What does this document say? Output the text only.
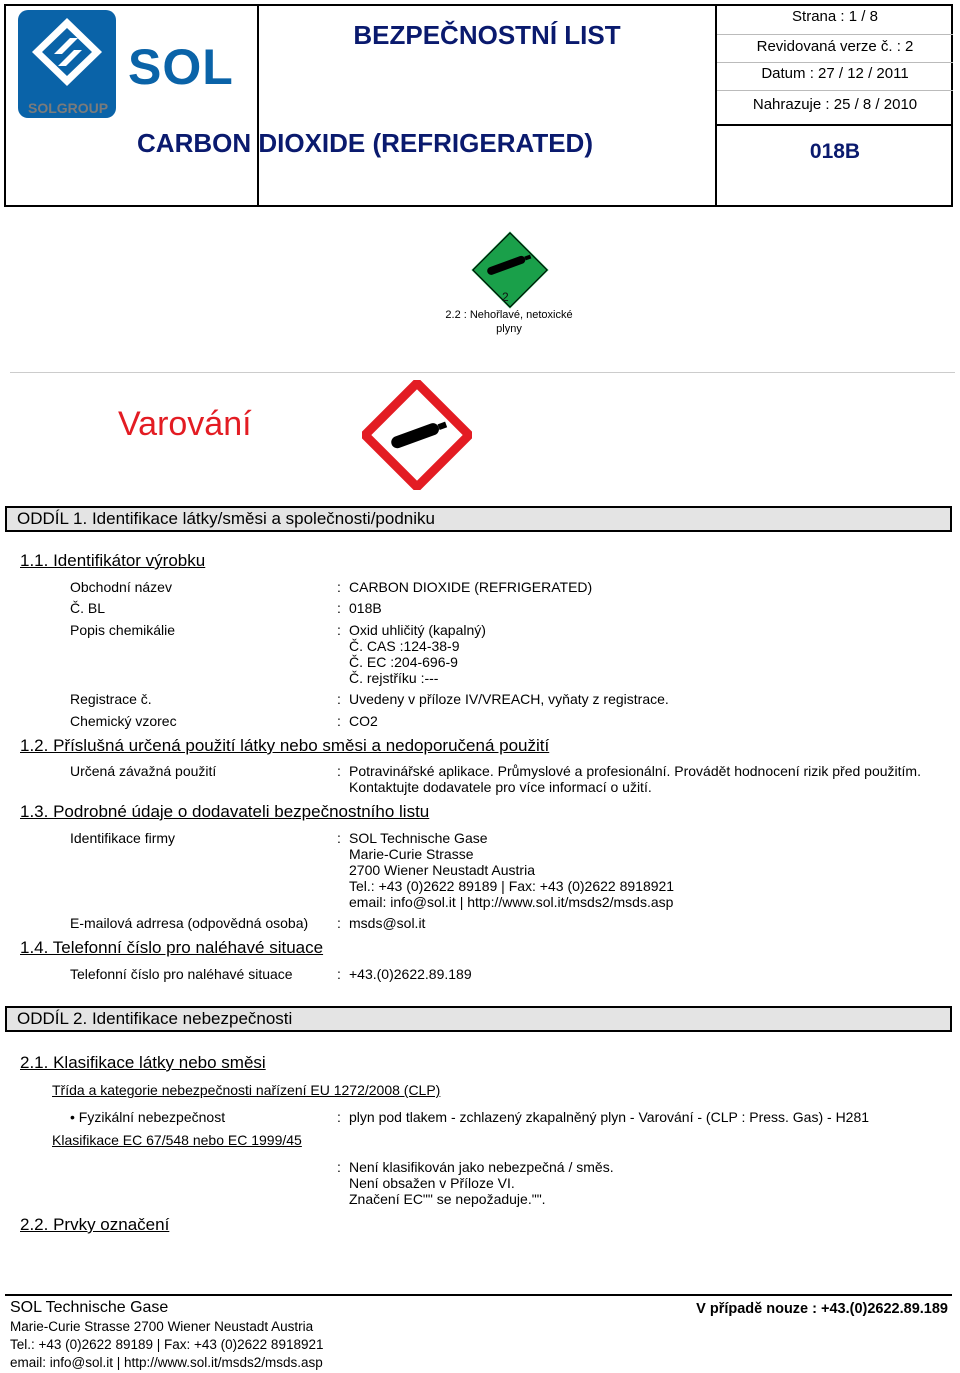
SOLGROUP
SOL
BEZPEČNOSTNÍ LIST
Strana : 1 / 8
Revidovaná verze č. : 2
Datum : 27 / 12 / 2011
Nahrazuje : 25 / 8 / 2010
CARBON DIOXIDE (REFRIGERATED)	018B
2
2.2 : Nehořlavé, netoxické
plyny
Varování
ODDÍL 1. Identifikace látky/směsi a společnosti/podniku
1.1. Identifikátor výrobku
Obchodní název	: CARBON DIOXIDE (REFRIGERATED)
Č. BL	: 018B
Popis chemikálie	: Oxid uhličitý (kapalný)
Č. CAS :124-38-9
Č. EC :204-696-9
Č. rejstříku :---
Registrace č.	: Uvedeny v příloze IV/VREACH, vyňaty z registrace.
Chemický vzorec	: CO2
1.2. Příslušná určená použití látky nebo směsi a nedoporučená použití
Určená závažná použití	: Potravinářské aplikace. Průmyslové a profesionální. Provádět hodnocení rizik před použitím.
Kontaktujte dodavatele pro více informací o užití.
1.3. Podrobné údaje o dodavateli bezpečnostního listu
Identifikace firmy	: SOL Technische Gase
Marie-Curie Strasse
2700 Wiener Neustadt Austria
Tel.: +43 (0)2622 89189 | Fax: +43 (0)2622 8918921
email: info@sol.it | http://www.sol.it/msds2/msds.asp
E-mailová adrresa (odpovědná osoba) : msds@sol.it
1.4. Telefonní číslo pro naléhavé situace
Telefonní číslo pro naléhavé situace	: +43.(0)2622.89.189
ODDÍL 2. Identifikace nebezpečnosti
2.1. Klasifikace látky nebo směsi
Třída a kategorie nebezpečnosti nařízení EU 1272/2008 (CLP)
• Fyzikální nebezpečnost	: plyn pod tlakem - zchlazený zkapalněný plyn - Varování - (CLP : Press. Gas) - H281
Klasifikace EC 67/548 nebo EC 1999/45
: Není klasifikován jako nebezpečná / směs.
Není obsažen v Příloze VI.
Značení EC"" se nepožaduje."".
2.2. Prvky označení
SOL Technische Gase
Marie-Curie Strasse 2700 Wiener Neustadt Austria
Tel.: +43 (0)2622 89189 | Fax: +43 (0)2622 8918921
email: info@sol.it | http://www.sol.it/msds2/msds.asp
V případě nouze : +43.(0)2622.89.189
